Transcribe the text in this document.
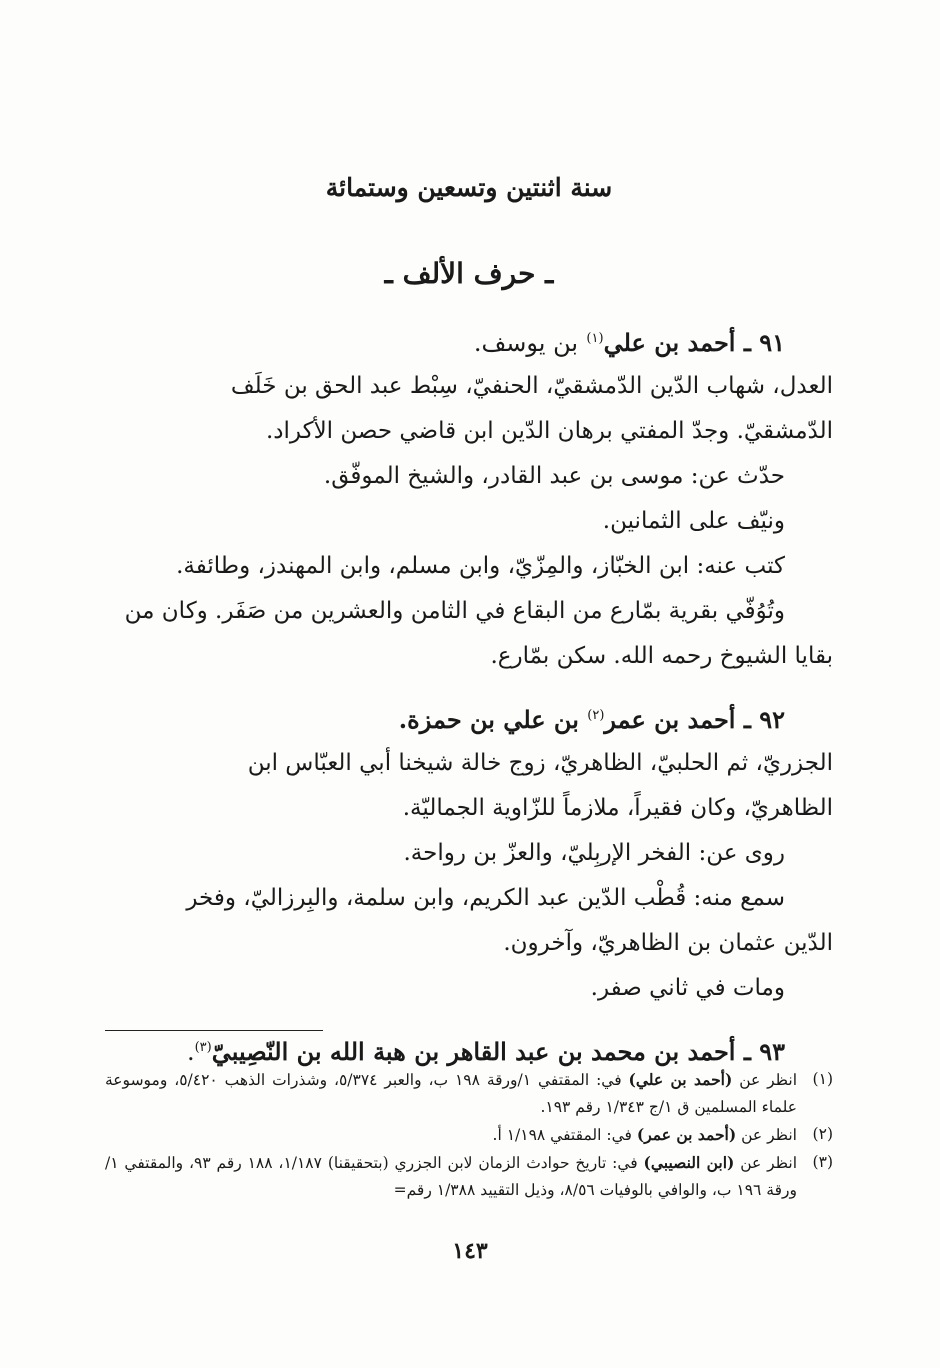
سنة اثنتين وتسعين وستمائة
ـ حرف الألف ـ

٩١ ـ أحمد بن علي$^{(١)}$ بن يوسف.

العدل، شهاب الدّين الدّمشقيّ، الحنفيّ، سِبْط عبد الحق بن خَلَف

الدّمشقيّ. وجدّ المفتي برهان الدّين ابن قاضي حصن الأكراد.

حدّث عن: موسى بن عبد القادر، والشيخ الموفّق.

ونيّف على الثمانين.

كتب عنه: ابن الخبّاز، والمِزّيّ، وابن مسلم، وابن المهندز، وطائفة.

وتُوُفّي بقرية بمّارع من البقاع في الثامن والعشرين من صَفَر. وكان من

بقايا الشيوخ رحمه الله. سكن بمّارع.

٩٢ ـ أحمد بن عمر$^{(٢)}$ بن علي بن حمزة.

الجزريّ، ثم الحلبيّ، الظاهريّ، زوج خالة شيخنا أبي العبّاس ابن

الظاهريّ، وكان فقيراً، ملازماً للزّاوية الجماليّة.

روى عن: الفخر الإربِليّ، والعزّ بن رواحة.

سمع منه: قُطْب الدّين عبد الكريم، وابن سلمة، والبِرزاليّ، وفخر

الدّين عثمان بن الظاهريّ، وآخرون.

ومات في ثاني صفر.

٩٣ ـ أحمد بن محمد بن عبد القاهر بن هبة الله بن النّصِيبيّ$^{(٣)}$.

(١)
انظر عن (أحمد بن علي) في: المقتفي ١/ورقة ١٩٨ ب، والعبر ٥/٣٧٤، وشذرات الذهب ٥/٤٢٠، وموسوعة علماء المسلمين ق ١/ج ١/٣٤٣ رقم ١٩٣.
(٢)
انظر عن (أحمد بن عمر) في: المقتفي ١/١٩٨ أ.
(٣)
انظر عن (ابن النصيبي) في: تاريخ حوادث الزمان لابن الجزري (بتحقيقنا) ١/١٨٧، ١٨٨ رقم ٩٣، والمقتفي ١/ورقة ١٩٦ ب، والوافي بالوفيات ٨/٥٦، وذيل التقييد ١/٣٨٨ رقم=
١٤٣
